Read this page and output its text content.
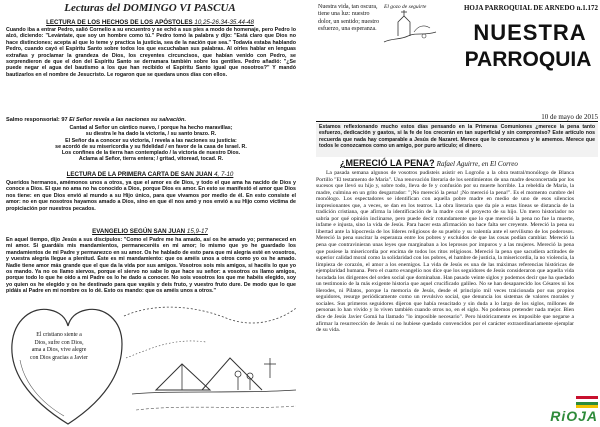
Lecturas del DOMINGO VI PASCUA
LECTURA DE LOS HECHOS DE LOS APÓSTOLES 10,25-26.34-35.44-48
Cuando iba a entrar Pedro, salió Cornelio a su encuentro y se echó a sus pies a modo de homenaje, pero Pedro lo alzó, diciendo: "Levántate, que soy un hombre como tú." Pedro tomó la palabra y dijo: "Está claro que Dios no hace distinciones; acepta al que lo teme y practica la justicia, sea de la nación que sea." Todavía estaba hablando Pedro, cuando cayó el Espíritu Santo sobre todos los que escuchaban sus palabras. Al oírles hablar en lenguas extrañas y proclamar la grandeza de Dios, los creyentes circuncisos, que habían venido con Pedro, se sorprendieron de que el don del Espíritu Santo se derramara también sobre los gentiles. Pedro añadió: "¿Se puede negar el agua del bautismo a los que han recibido el Espíritu Santo igual que nosotros?" Y mandó bautizarlos en el nombre de Jesucristo. Le rogaron que se quedara unos días con ellos.
Salmo responsorial: 97 El Señor revela a las naciones su salvación.
Cantad al Señor un cántico nuevo, / porque ha hecho maravillas;
su diestra le ha dado la victoria, / su santo brazo. R.
El Señor da a conocer su victoria, / revela a las naciones su justicia:
se acordó de su misericordia y su fidelidad / en favor de la casa de Israel. R.
Los confines de la tierra han contemplado / la victoria de nuestro Dios.
Aclama al Señor, tierra entera; / gritad, vitoread, tocad. R.
LECTURA DE LA PRIMERA CARTA DE SAN JUAN 4, 7-10
Queridos hermanos, amémonos unos a otros, ya que el amor es de Dios, y todo el que ama ha nacido de Dios y conoce a Dios. El que no ama no ha conocido a Dios, porque Dios es amor. En esto se manifestó el amor que Dios nos tiene: en que Dios envió al mundo a su Hijo único, para que vivamos por medio de él. En esto consiste el amor: no en que nosotros hayamos amado a Dios, sino en que él nos amó y nos envió a su Hijo como víctima de propiciación por nuestros pecados.
EVANGELIO SEGÚN SAN JUAN 15,9-17
En aquel tiempo, dijo Jesús a sus discípulos: "Como el Padre me ha amado, así os he amado yo; permaneced en mi amor. Si guardáis mis mandamientos, permaneceréis en mi amor; lo mismo que yo he guardado los mandamientos de mi Padre y permanezco en su amor. Os he hablado de esto para que mi alegría esté en vosotros, y vuestra alegría llegue a plenitud. Éste es mi mandamiento: que os améis unos a otros como yo os he amado. Nadie tiene amor más grande que el que da la vida por sus amigos. Vosotros sois mis amigos, si hacéis lo que yo os mando. Ya no os llamo siervos, porque el siervo no sabe lo que hace su señor: a vosotros os llamo amigos, porque todo lo que he oído a mi Padre os lo he dado a conocer. No sois vosotros los que me habéis elegido, soy yo quien os he elegido y os he destinado para que vayáis y deis fruto, y vuestro fruto dure. De modo que lo que pidáis al Padre en mi nombre os lo dé. Esto os mando: que os améis unos a otros."
El cristiano siente a Dios, sufre con Dios, ama a Dios, vive alegre con Dios gracias a Javier
Nuestra vida, tan oscura, tiene una luz: nuestro dolor, un sentido; nuestro esfuerzo, una esperanza.
El gozo de seguirte	HOJA PARROQUIAL DE ARNEDO n.1.172
NUESTRA
PARROQUIA
10 de mayo de 2015
Estamos reflexionando mucho estos días pensando en la Primeras Comuniones ¿merece la pena tanto esfuerzo, dedicación y gastos, si la fe de los crecerán en tan superficial y sin compromiso? Este artículo nos recuerda que nada hay comparable a Jesús de Nazaret. Merece que lo conozcamos y le amemos. Merece que todos le conozcamos como un amigo, por puro artículo; el dinero.
¿MERECIÓ LA PENA? Rafael Aguirre, en El Correo
La pasada semana algunos de vosotros pudisteis asistir en Logroño a la obra teatral/monólogo de Blanca Portillo "El testamento de María". Una renovación literaria de los sentimientos de una madre desconcertada por los sucesos que llevó su hijo y, sobre todo, lleva de fe y confusión por su muerte horrible. La rebeldía de María, la madre, culmina en un grito desgarrador: "¡No mereció la pena! ¡No mereció la pena!". Es el momento cumbre del monólogo. Los espectadores se identifican con aquella pobre madre en medio de uno de esos silencios impresionantes que, a veces, se dan en los teatros. La obra literaria que da pie a estas líneas se distancia de la tradición cristiana, que afirma la identificación de la madre con el proyecto de su hijo. Un mero historiador no sabría por qué opinión inclinarse, pero puede decir rotundamente que lo que mereció la pena no fue la muerte, infame e injusta, sino la vida de Jesús. Para hacer esta afirmación no hace falta ser creyente. Mereció la pena su libertad ante la hipocresía de los líderes religiosos de su pueblo y su valentía ante el servilismo de los poderosos. Mereció la pena suscitar la esperanza entre los pobres y excluidos de que las cosas podían cambiar. Mereció la pena que contravinieran unas leyes que marginaban a los leprosos por impuros y a las mujeres. Mereció la pena que pusiese la misericordia por encima de todos los ritos religiosos. Mereció la pena que sacudiera actitudes de superior calidad moral como la solidaridad con los pobres, el hambre de justicia, la misericordia, la no violencia, la limpieza de corazón, el amor a los enemigos. La vida de Jesús es una de las máximas referencias históricas de ejemplaridad humana. Pero el cuarto evangelio nos dice que los seguidores de Jesús consideraron que aquella vida horadada los dirigentes del orden social que dominaban. Han pasado veinte siglos y podemos decir que ha quedado un testimonio de la más exigente historia que aquel crucificado galileo. No se han desaparecido los Césares ni los Herodes, ni Pilatos, porque la memoria de Jesús, desde el principio mil veces traicionada por sus propios seguidores, resurge periódicamente como un revulsivo social, que denuncia los sistemas de valores morales y sociales. Sus primeros seguidores dijeron que había resucitado y sin duda a lo largo de los siglos, millones de personas lo han vivido y lo viven también cuando otros no, en el siglo. No podemos pretender nada mejor. Bien dice de Jesús Javier Gomá ha llamado "lo imposible necesario". Pero históricamente es imposible que negarse a afirmar la resurrección de Jesús si no hubiese quedado convencidos por el carácter extraordinariamente ejemplar de su vida.
RiOJA
